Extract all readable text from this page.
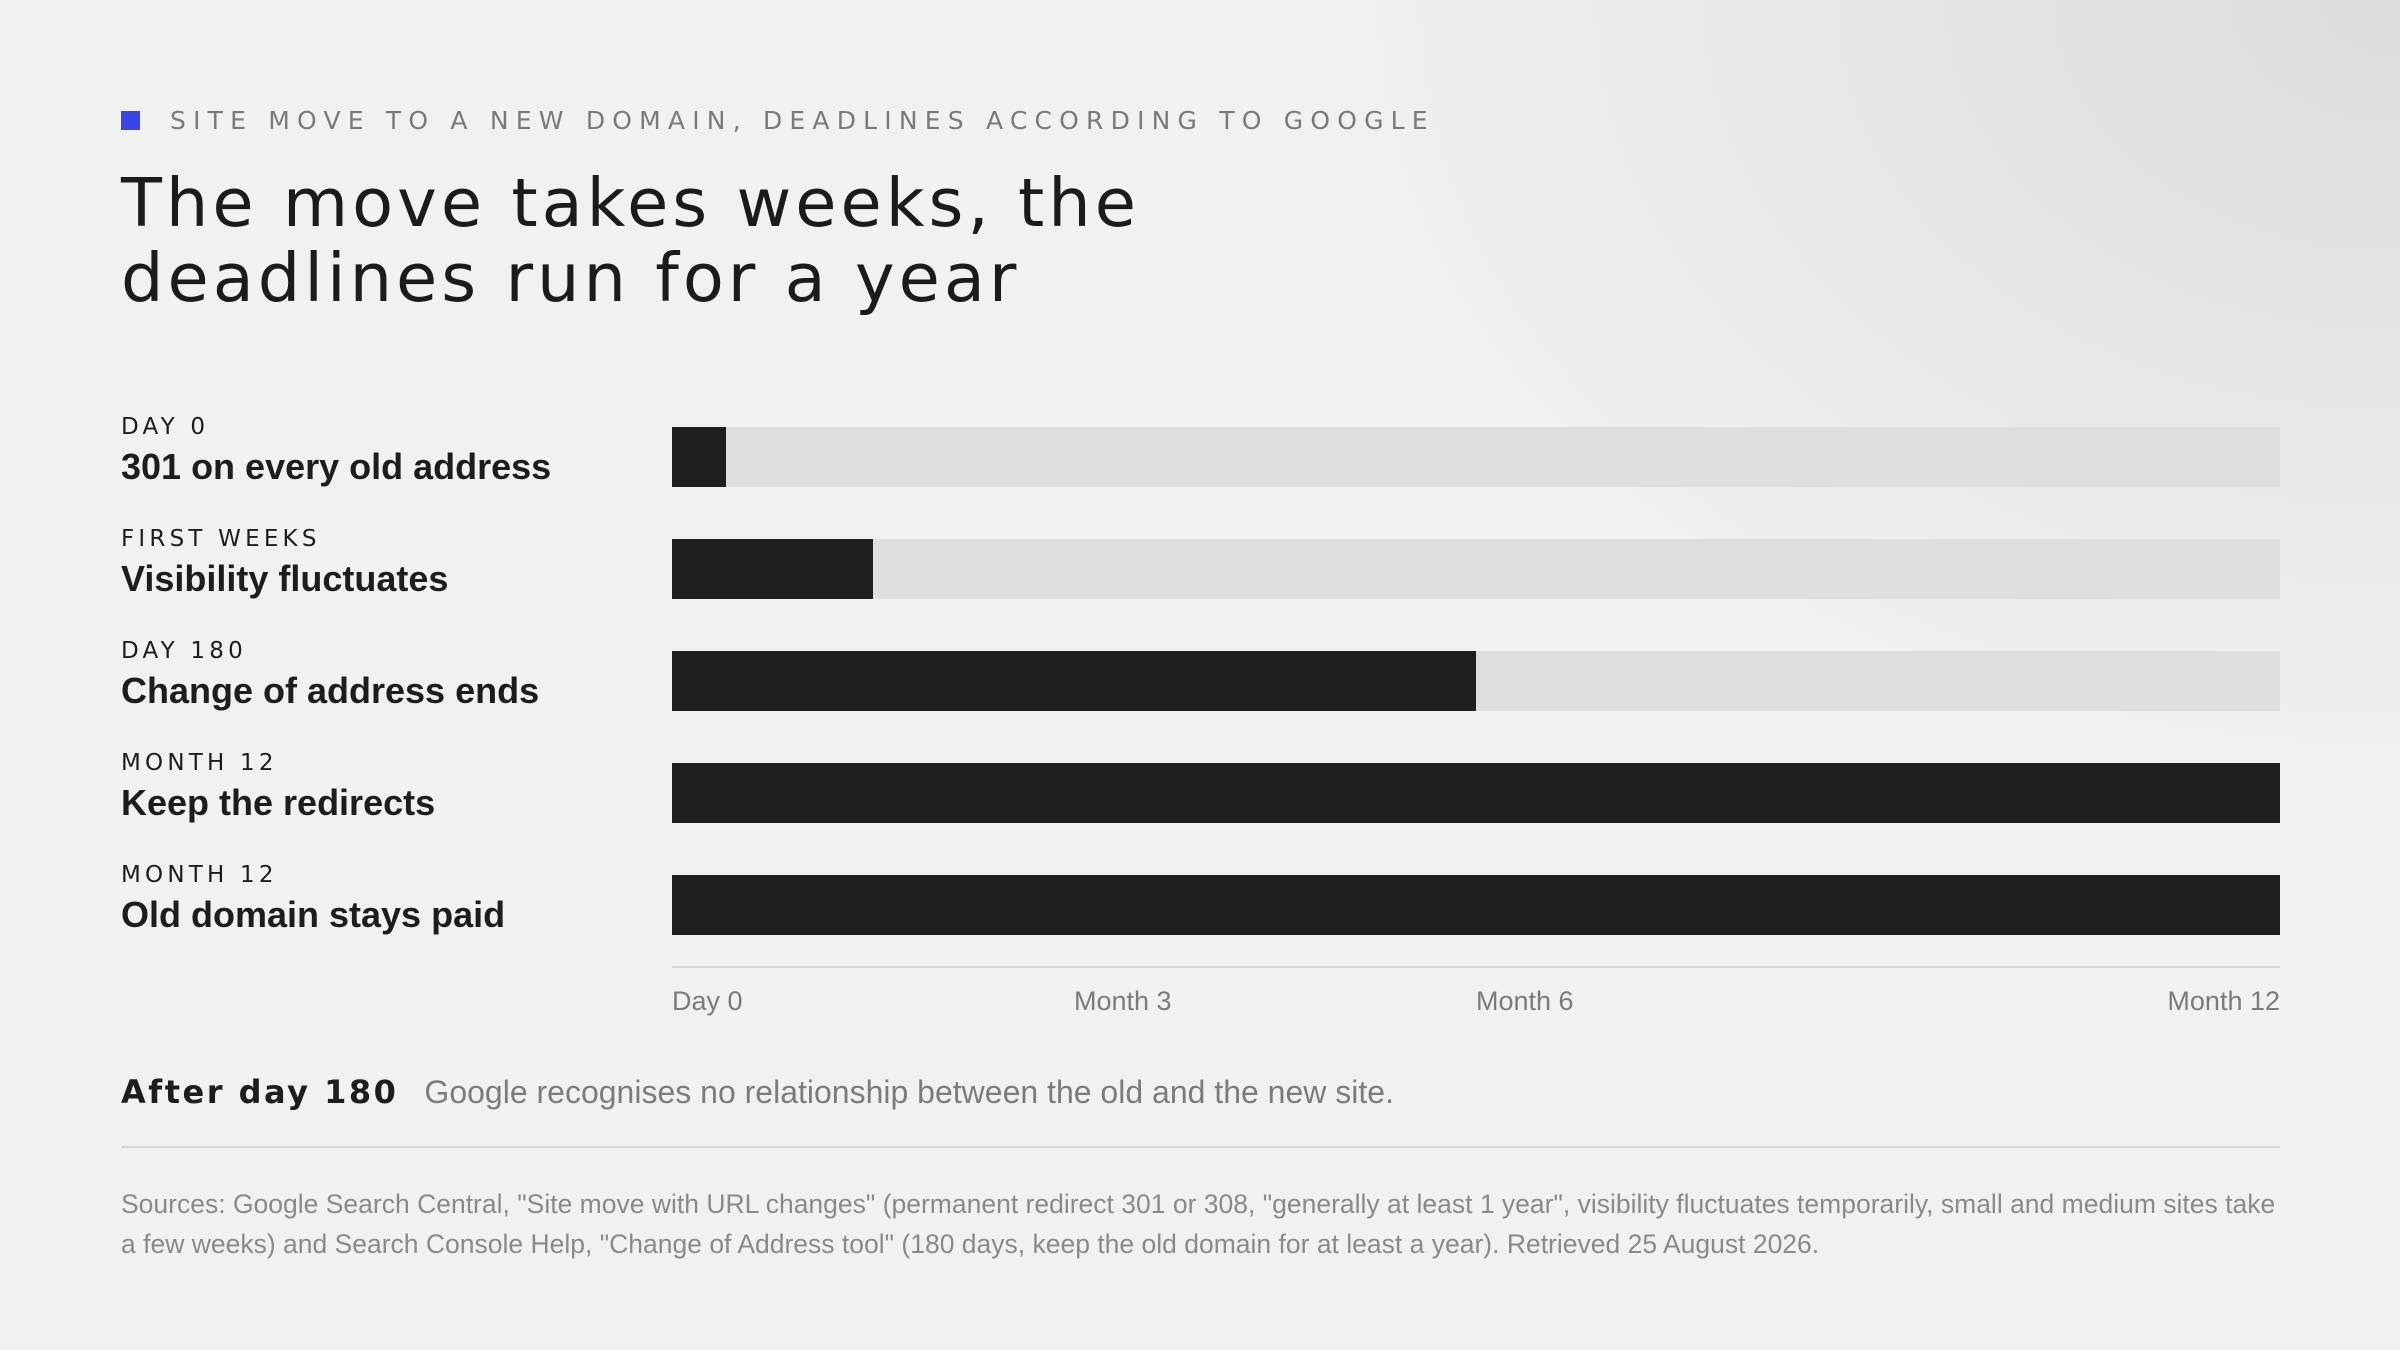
SITE MOVE TO A NEW DOMAIN, DEADLINES ACCORDING TO GOOGLE
The move takes weeks, the deadlines run for a year
DAY 0
301 on every old address
FIRST WEEKS
Visibility fluctuates
DAY 180
Change of address ends
MONTH 12
Keep the redirects
MONTH 12
Old domain stays paid
Day 0	Month 3	Month 6	Month 12
After day 180 Google recognises no relationship between the old and the new site.
Sources: Google Search Central, "Site move with URL changes" (permanent redirect 301 or 308, "generally at least 1 year", visibility fluctuates temporarily, small and medium sites take a few weeks) and Search Console Help, "Change of Address tool" (180 days, keep the old domain for at least a year). Retrieved 25 August 2026.
